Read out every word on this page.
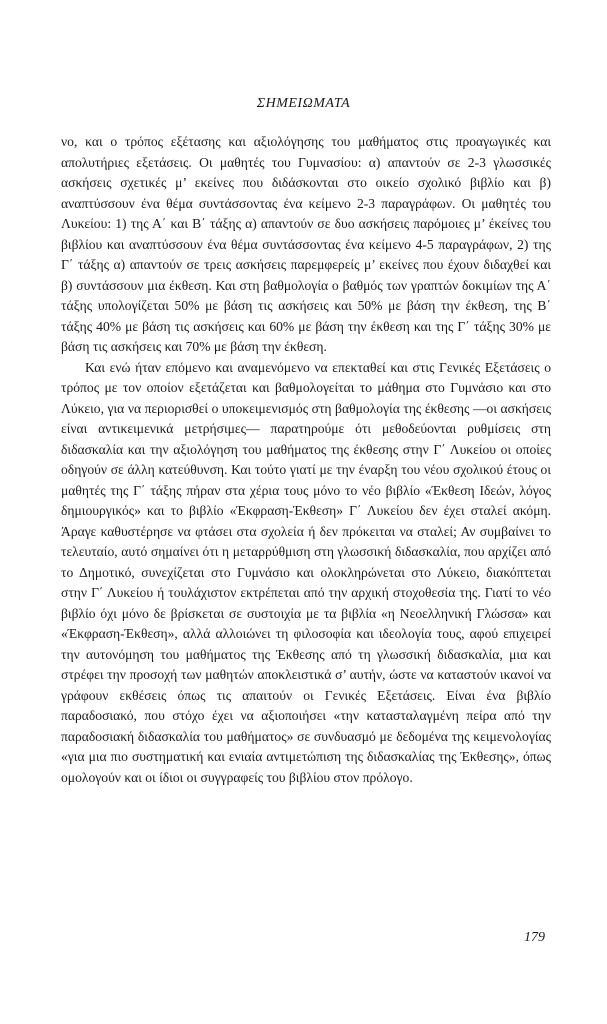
ΣΗΜΕΙΩΜΑΤΑ

νο, και ο τρόπος εξέτασης και αξιολόγησης του μαθήματος στις προαγωγικές και απολυτήριες εξετάσεις. Οι μαθητές του Γυμνασίου: α) απαντούν σε 2-3 γλωσσικές ασκήσεις σχετικές μ’ εκείνες που διδάσκονται στο οικείο σχολικό βιβλίο και β) αναπτύσσουν ένα θέμα συντάσσοντας ένα κείμενο 2-3 παραγράφων. Οι μαθητές του Λυκείου: 1) της Α΄ και Β΄ τάξης α) απαντούν σε δυο ασκήσεις παρόμοιες μ’ έκείνες του βιβλίου και αναπτύσσουν ένα θέμα συντάσσοντας ένα κείμενο 4-5 παραγράφων, 2) της Γ΄ τάξης α) απαντούν σε τρεις ασκήσεις παρεμφερείς μ’ εκείνες που έχουν διδαχθεί και β) συντάσσουν μια έκθεση. Και στη βαθμολογία ο βαθμός των γραπτών δοκιμίων της Α΄ τάξης υπολογίζεται 50% με βάση τις ασκήσεις και 50% με βάση την έκθεση, της Β΄ τάξης 40% με βάση τις ασκήσεις και 60% με βάση την έκθεση και της Γ΄ τάξης 30% με βάση τις ασκήσεις και 70% με βάση την έκθεση.

Και ενώ ήταν επόμενο και αναμενόμενο να επεκταθεί και στις Γενικές Εξετάσεις ο τρόπος με τον οποίον εξετάζεται και βαθμολογείται το μάθημα στο Γυμνάσιο και στο Λύκειο, για να περιορισθεί ο υποκειμενισμός στη βαθμολογία της έκθεσης —οι ασκήσεις είναι αντικειμενικά μετρήσιμες— παρατηρούμε ότι μεθοδεύονται ρυθμίσεις στη διδασκαλία και την αξιολόγηση του μαθήματος της έκθεσης στην Γ΄ Λυκείου οι οποίες οδηγούν σε άλλη κατεύθυνση. Και τούτο γιατί με την έναρξη του νέου σχολικού έτους οι μαθητές της Γ΄ τάξης πήραν στα χέρια τους μόνο το νέο βιβλίο «Έκθεση Ιδεών, λόγος δημιουργικός» και το βιβλίο «Έκφραση-Έκθεση» Γ΄ Λυκείου δεν έχει σταλεί ακόμη. Άραγε καθυστέρησε να φτάσει στα σχολεία ή δεν πρόκειται να σταλεί; Αν συμβαίνει το τελευταίο, αυτό σημαίνει ότι η μεταρρύθμιση στη γλωσσική διδασκαλία, που αρχίζει από το Δημοτικό, συνεχίζεται στο Γυμνάσιο και ολοκληρώνεται στο Λύκειο, διακόπτεται στην Γ΄ Λυκείου ή τουλάχιστον εκτρέπεται από την αρχική στοχοθεσία της. Γιατί το νέο βιβλίο όχι μόνο δε βρίσκεται σε συστοιχία με τα βιβλία «η Νεοελληνική Γλώσσα» και «Έκφραση-Έκθεση», αλλά αλλοιώνει τη φιλοσοφία και ιδεολογία τους, αφού επιχειρεί την αυτονόμηση του μαθήματος της Έκθεσης από τη γλωσσική διδασκαλία, μια και στρέφει την προσοχή των μαθητών αποκλειστικά σ’ αυτήν, ώστε να καταστούν ικανοί να γράφουν εκθέσεις όπως τις απαιτούν οι Γενικές Εξετάσεις. Είναι ένα βιβλίο παραδοσιακό, που στόχο έχει να αξιοποιήσει «την κατασταλαγμένη πείρα από την παραδοσιακή διδασκαλία του μαθήματος» σε συνδυασμό με δεδομένα της κειμενολογίας «για μια πιο συστηματική και ενιαία αντιμετώπιση της διδασκαλίας της Έκθεσης», όπως ομολογούν και οι ίδιοι οι συγγραφείς του βιβλίου στον πρόλογο.

179
